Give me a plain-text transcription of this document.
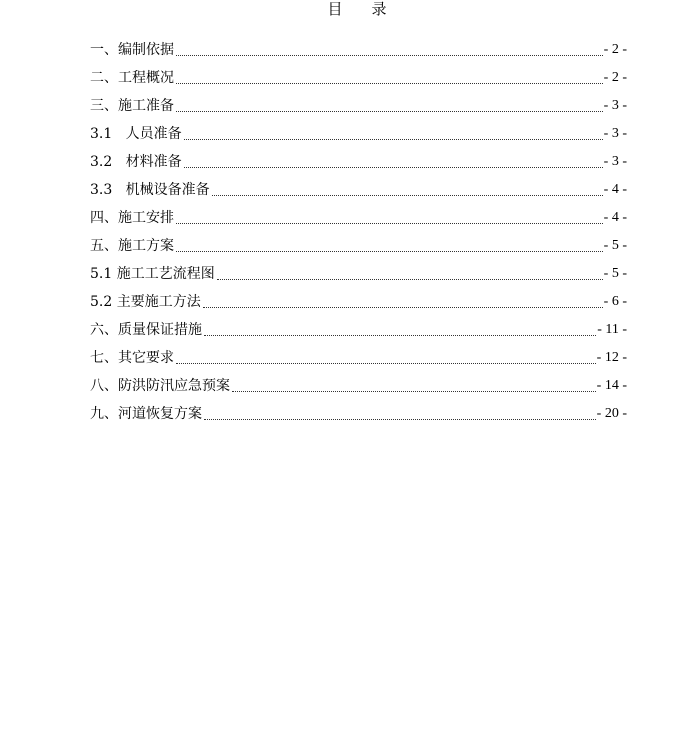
目    录
一、编制依据	- 2 -
二、工程概况	- 2 -
三、施工准备	- 3 -
3.1   人员准备	- 3 -
3.2   材料准备	- 3 -
3.3   机械设备准备	- 4 -
四、施工安排	- 4 -
五、施工方案	- 5 -
5.1 施工工艺流程图	- 5 -
5.2 主要施工方法	- 6 -
六、质量保证措施	- 11 -
七、其它要求	- 12 -
八、防洪防汛应急预案	- 14 -
九、河道恢复方案	- 20 -
